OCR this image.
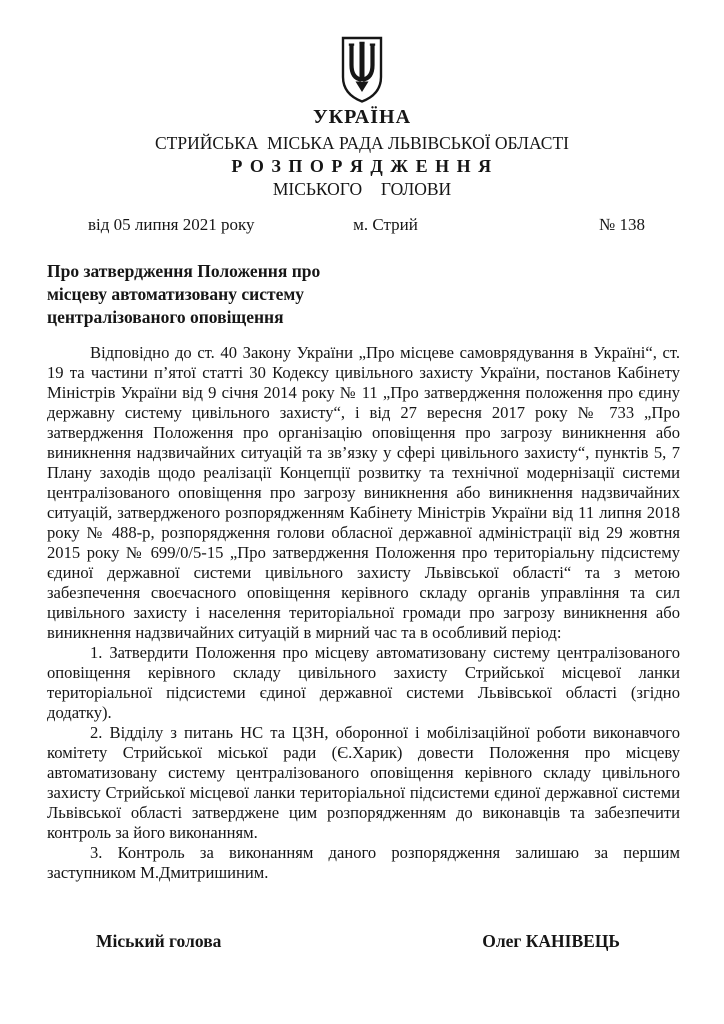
УКРАЇНА
СТРИЙСЬКА  МІСЬКА РАДА ЛЬВІВСЬКОЇ ОБЛАСТІ
Р О З П О Р Я Д Ж Е Н Н Я
МІСЬКОГО  ГОЛОВИ
від 05 липня 2021 року	м. Стрий	№ 138
Про затвердження Положення про
місцеву автоматизовану систему
централізованого оповіщення

Відповідно до ст. 40 Закону України „Про місцеве самоврядування в Україні“, ст. 19 та частини п’ятої статті 30 Кодексу цивільного захисту України, постанов Кабінету Міністрів України від 9 січня 2014 року № 11 „Про затвердження положення про єдину державну систему цивільного захисту“, і від 27 вересня 2017 року № 733 „Про затвердження Положення про організацію оповіщення про загрозу виникнення або виникнення надзвичайних ситуацій та зв’язку у сфері цивільного захисту“, пунктів 5, 7 Плану заходів щодо реалізації Концепції розвитку та технічної модернізації системи централізованого оповіщення про загрозу виникнення або виникнення надзвичайних ситуацій, затвердженого розпорядженням Кабінету Міністрів України від 11 липня 2018 року № 488-р, розпорядження голови обласної державної адміністрації від 29 жовтня 2015 року № 699/0/5-15 „Про затвердження Положення про територіальну підсистему єдиної державної системи цивільного захисту Львівської області“ та з метою забезпечення своєчасного оповіщення керівного складу органів управління та сил цивільного захисту і населення територіальної громади про загрозу виникнення або виникнення надзвичайних ситуацій в мирний час та в особливий період:

1. Затвердити Положення про місцеву автоматизовану систему централізованого оповіщення керівного складу цивільного захисту Стрийської місцевої ланки територіальної підсистеми єдиної державної системи Львівської області (згідно додатку).

2. Відділу з питань НС та ЦЗН, оборонної і мобілізаційної роботи виконавчого комітету Стрийської міської ради (Є.Харик) довести Положення про місцеву автоматизовану систему централізованого оповіщення керівного складу цивільного захисту Стрийської місцевої ланки територіальної підсистеми єдиної державної системи Львівської області затверджене цим розпорядженням до виконавців та забезпечити контроль за його виконанням.

3. Контроль за виконанням даного розпорядження залишаю за першим заступником М.Дмитришиним.

Міський голова	Олег КАНІВЕЦЬ
